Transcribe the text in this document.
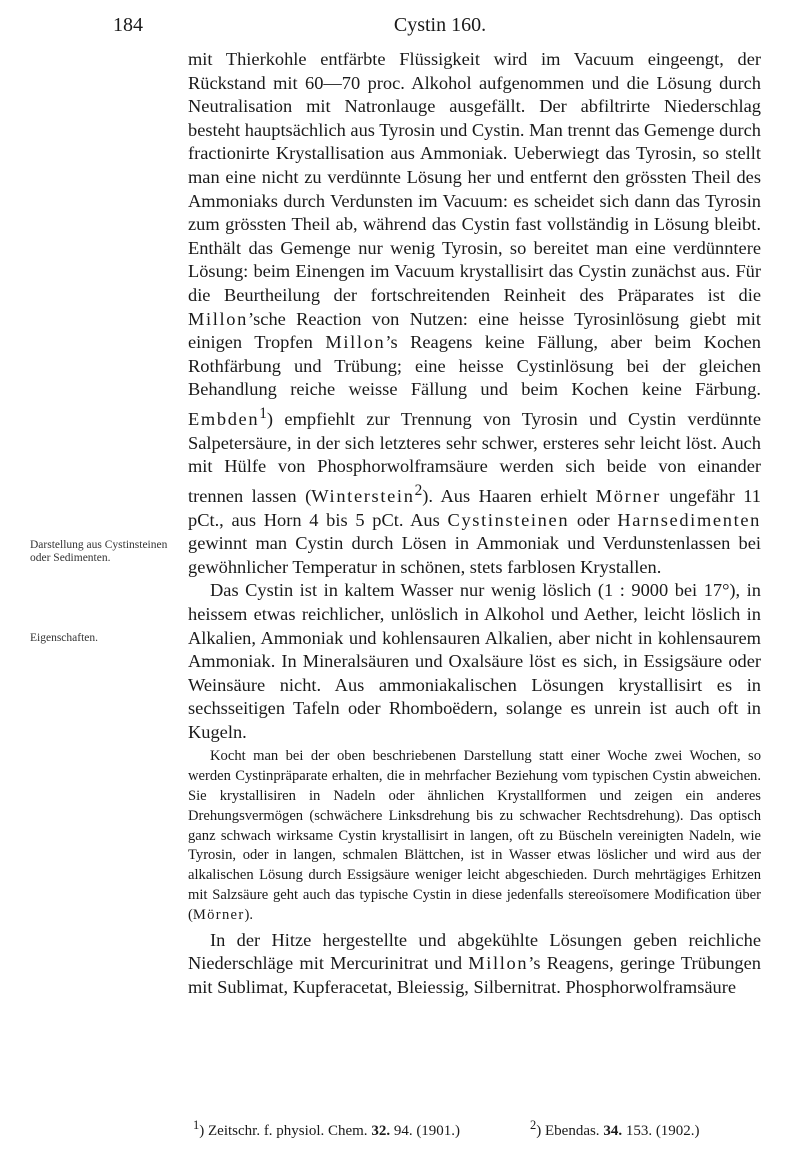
184	Cystin 160.
Darstellung aus Cystinsteinen oder Sedimenten.
Eigenschaften.

mit Thierkohle entfärbte Flüssigkeit wird im Vacuum eingeengt, der Rückstand mit 60—70 proc. Alkohol aufgenommen und die Lösung durch Neutralisation mit Natronlauge ausgefällt. Der abfiltrirte Niederschlag besteht hauptsächlich aus Tyrosin und Cystin. Man trennt das Gemenge durch fractionirte Krystallisation aus Ammoniak. Ueberwiegt das Tyrosin, so stellt man eine nicht zu verdünnte Lösung her und entfernt den grössten Theil des Ammoniaks durch Verdunsten im Vacuum: es scheidet sich dann das Tyrosin zum grössten Theil ab, während das Cystin fast vollständig in Lösung bleibt. Enthält das Gemenge nur wenig Tyrosin, so bereitet man eine verdünntere Lösung: beim Einengen im Vacuum krystallisirt das Cystin zunächst aus. Für die Beurtheilung der fortschreitenden Reinheit des Präparates ist die Millon’sche Reaction von Nutzen: eine heisse Tyrosinlösung giebt mit einigen Tropfen Millon’s Reagens keine Fällung, aber beim Kochen Rothfärbung und Trübung; eine heisse Cystinlösung bei der gleichen Behandlung reiche weisse Fällung und beim Kochen keine Färbung. Embden$^1$) empfiehlt zur Trennung von Tyrosin und Cystin verdünnte Salpetersäure, in der sich letzteres sehr schwer, ersteres sehr leicht löst. Auch mit Hülfe von Phosphorwolframsäure werden sich beide von einander trennen lassen (Winterstein$^2$). Aus Haaren erhielt Mörner ungefähr 11 pCt., aus Horn 4 bis 5 pCt. Aus Cystinsteinen oder Harnsedimenten gewinnt man Cystin durch Lösen in Ammoniak und Verdunstenlassen bei gewöhnlicher Temperatur in schönen, stets farblosen Krystallen.

Das Cystin ist in kaltem Wasser nur wenig löslich (1 : 9000 bei 17°), in heissem etwas reichlicher, unlöslich in Alkohol und Aether, leicht löslich in Alkalien, Ammoniak und kohlensauren Alkalien, aber nicht in kohlensaurem Ammoniak. In Mineralsäuren und Oxalsäure löst es sich, in Essigsäure oder Weinsäure nicht. Aus ammoniakalischen Lösungen krystallisirt es in sechsseitigen Tafeln oder Rhomboëdern, solange es unrein ist auch oft in Kugeln.

Kocht man bei der oben beschriebenen Darstellung statt einer Woche zwei Wochen, so werden Cystinpräparate erhalten, die in mehrfacher Beziehung vom typischen Cystin abweichen. Sie krystallisiren in Nadeln oder ähnlichen Krystallformen und zeigen ein anderes Drehungsvermögen (schwächere Linksdrehung bis zu schwacher Rechtsdrehung). Das optisch ganz schwach wirksame Cystin krystallisirt in langen, oft zu Büscheln vereinigten Nadeln, wie Tyrosin, oder in langen, schmalen Blättchen, ist in Wasser etwas löslicher und wird aus der alkalischen Lösung durch Essigsäure weniger leicht abgeschieden. Durch mehrtägiges Erhitzen mit Salzsäure geht auch das typische Cystin in diese jedenfalls stereoïsomere Modification über (Mörner).

In der Hitze hergestellte und abgekühlte Lösungen geben reichliche Niederschläge mit Mercurinitrat und Millon’s Reagens, geringe Trübungen mit Sublimat, Kupferacetat, Bleiessig, Silbernitrat. Phosphorwolframsäure

$^1$) Zeitschr. f. physiol. Chem. 32. 94. (1901.)	$^2$) Ebendas. 34. 153. (1902.)
